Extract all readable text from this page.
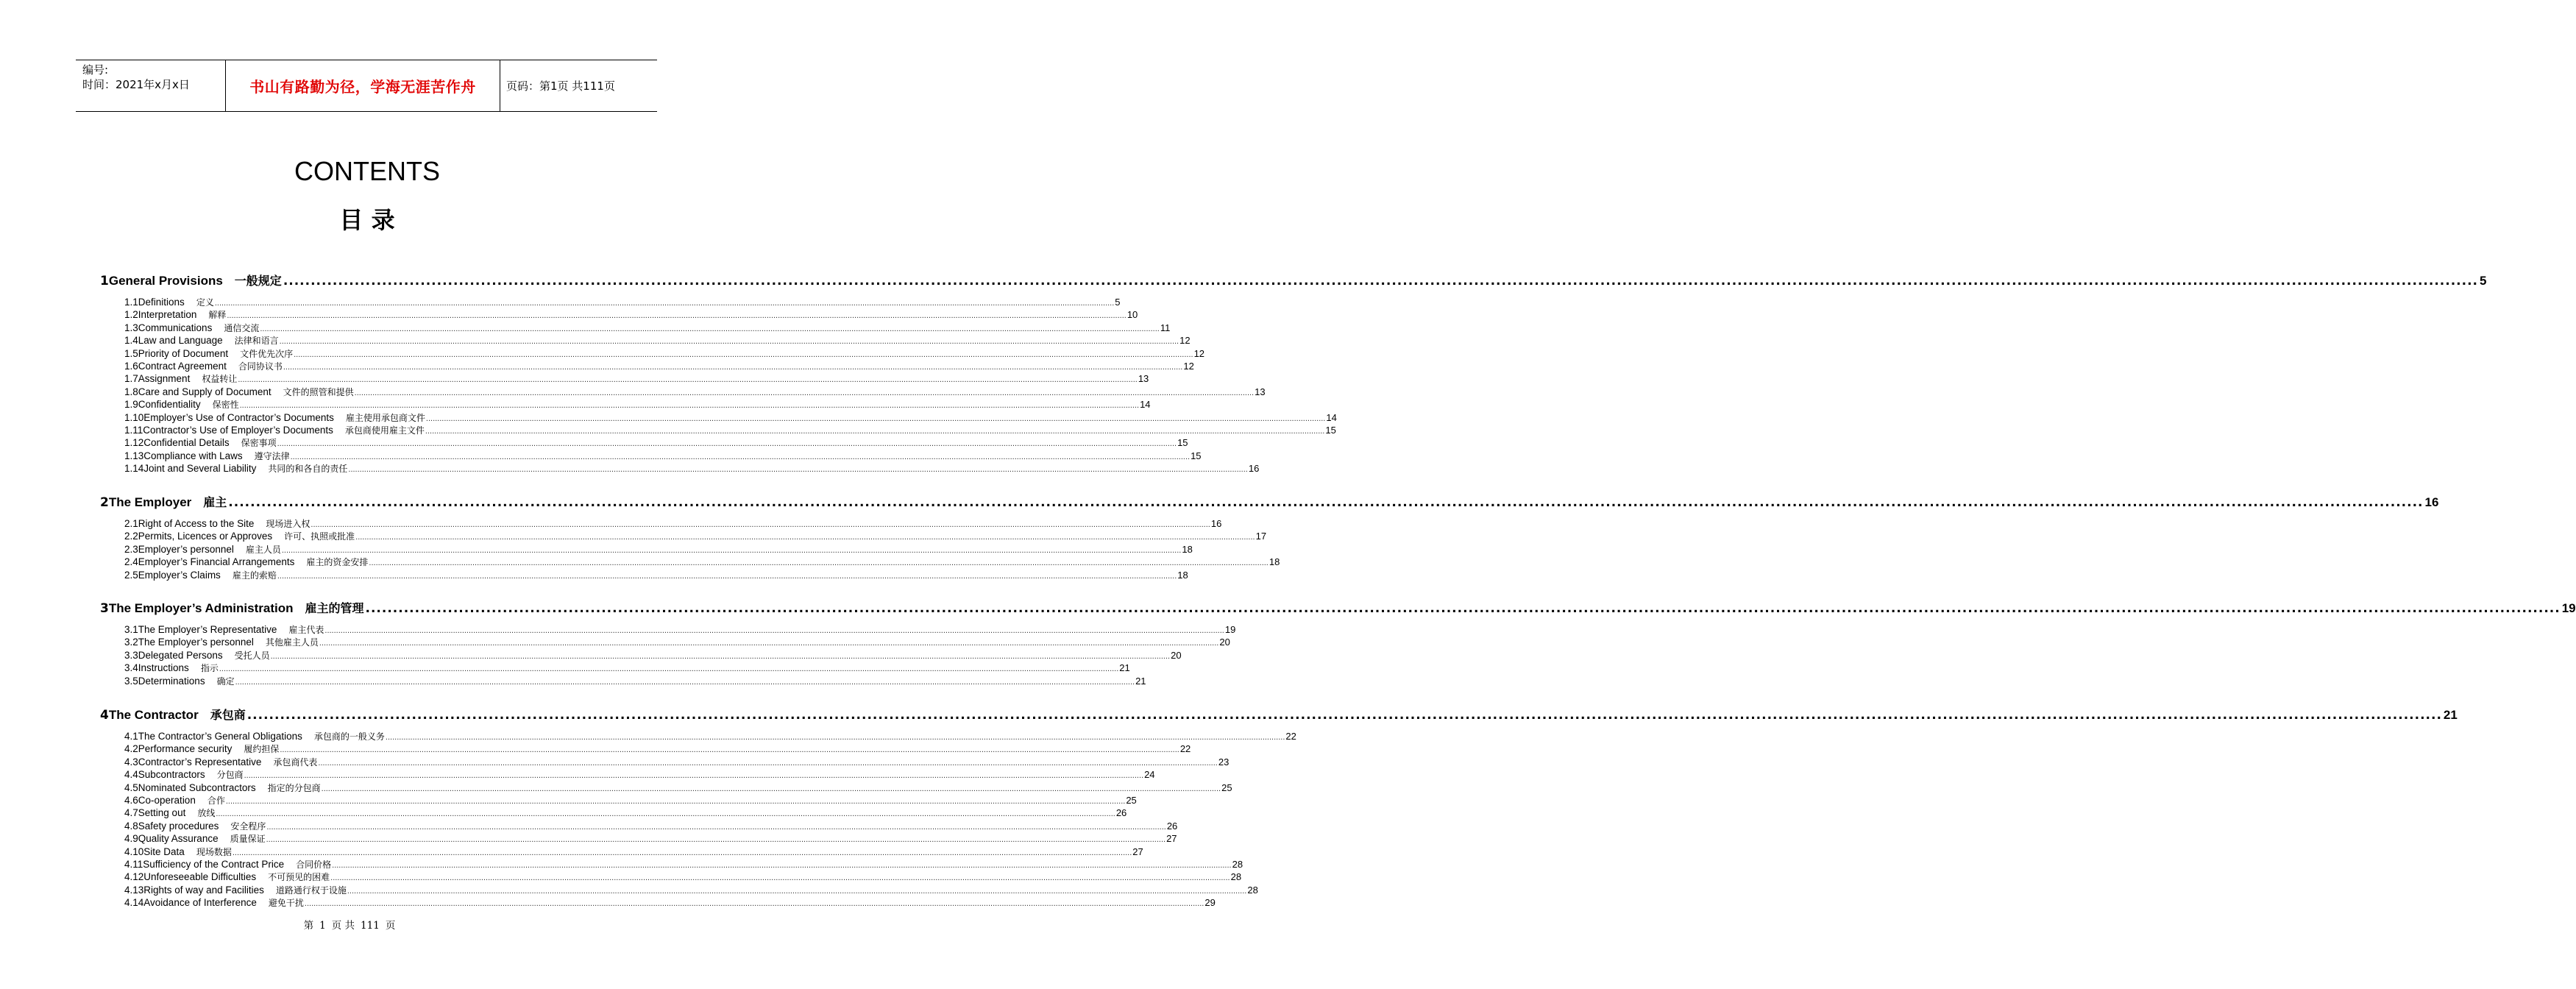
编号:
时间：2021年x月x日	书山有路勤为径，学海无涯苦作舟	页码：第1页 共111页
CONTENTS
目 录
1 General Provisions 一般规定 ................................................................................................................................................................................................................................................................................................................................................................................................................ 5
1.1 Definitions 定义 ................................................................................................................................................................................................................................................................................................................................................................................................................ 5
1.2 Interpretation 解释 ................................................................................................................................................................................................................................................................................................................................................................................................................ 10
1.3 Communications 通信交流 ................................................................................................................................................................................................................................................................................................................................................................................................................ 11
1.4 Law and Language 法律和语言 ................................................................................................................................................................................................................................................................................................................................................................................................................ 12
1.5 Priority of Document 文件优先次序 ................................................................................................................................................................................................................................................................................................................................................................................................................ 12
1.6 Contract Agreement 合同协议书 ................................................................................................................................................................................................................................................................................................................................................................................................................ 12
1.7 Assignment 权益转让 ................................................................................................................................................................................................................................................................................................................................................................................................................ 13
1.8 Care and Supply of Document 文件的照管和提供 ................................................................................................................................................................................................................................................................................................................................................................................................................ 13
1.9 Confidentiality 保密性 ................................................................................................................................................................................................................................................................................................................................................................................................................ 14
1.10 Employer’s Use of Contractor’s Documents 雇主使用承包商文件 ................................................................................................................................................................................................................................................................................................................................................................................................................ 14
1.11 Contractor’s Use of Employer’s Documents 承包商使用雇主文件 ................................................................................................................................................................................................................................................................................................................................................................................................................ 15
1.12 Confidential Details 保密事项 ................................................................................................................................................................................................................................................................................................................................................................................................................ 15
1.13 Compliance with Laws 遵守法律 ................................................................................................................................................................................................................................................................................................................................................................................................................ 15
1.14 Joint and Several Liability 共同的和各自的责任 ................................................................................................................................................................................................................................................................................................................................................................................................................ 16
2 The Employer 雇主 ................................................................................................................................................................................................................................................................................................................................................................................................................ 16
2.1 Right of Access to the Site 现场进入权 ................................................................................................................................................................................................................................................................................................................................................................................................................ 16
2.2 Permits, Licences or Approves 许可、执照或批准 ................................................................................................................................................................................................................................................................................................................................................................................................................ 17
2.3 Employer’s personnel 雇主人员 ................................................................................................................................................................................................................................................................................................................................................................................................................ 18
2.4 Employer’s Financial Arrangements 雇主的资金安排 ................................................................................................................................................................................................................................................................................................................................................................................................................ 18
2.5 Employer’s Claims 雇主的索赔 ................................................................................................................................................................................................................................................................................................................................................................................................................ 18
3 The Employer’s Administration 雇主的管理 ................................................................................................................................................................................................................................................................................................................................................................................................................ 19
3.1 The Employer’s Representative 雇主代表 ................................................................................................................................................................................................................................................................................................................................................................................................................ 19
3.2 The Employer’s personnel 其他雇主人员 ................................................................................................................................................................................................................................................................................................................................................................................................................ 20
3.3 Delegated Persons 受托人员 ................................................................................................................................................................................................................................................................................................................................................................................................................ 20
3.4 Instructions 指示 ................................................................................................................................................................................................................................................................................................................................................................................................................ 21
3.5 Determinations 确定 ................................................................................................................................................................................................................................................................................................................................................................................................................ 21
4 The Contractor 承包商 ................................................................................................................................................................................................................................................................................................................................................................................................................ 21
4.1 The Contractor’s General Obligations 承包商的一般义务 ................................................................................................................................................................................................................................................................................................................................................................................................................ 22
4.2 Performance security 履约担保 ................................................................................................................................................................................................................................................................................................................................................................................................................ 22
4.3 Contractor’s Representative 承包商代表 ................................................................................................................................................................................................................................................................................................................................................................................................................ 23
4.4 Subcontractors 分包商 ................................................................................................................................................................................................................................................................................................................................................................................................................ 24
4.5 Nominated Subcontractors 指定的分包商 ................................................................................................................................................................................................................................................................................................................................................................................................................ 25
4.6 Co-operation 合作 ................................................................................................................................................................................................................................................................................................................................................................................................................ 25
4.7 Setting out 放线 ................................................................................................................................................................................................................................................................................................................................................................................................................ 26
4.8 Safety procedures 安全程序 ................................................................................................................................................................................................................................................................................................................................................................................................................ 26
4.9 Quality Assurance 质量保证 ................................................................................................................................................................................................................................................................................................................................................................................................................ 27
4.10 Site Data 现场数据 ................................................................................................................................................................................................................................................................................................................................................................................................................ 27
4.11 Sufficiency of the Contract Price 合同价格 ................................................................................................................................................................................................................................................................................................................................................................................................................ 28
4.12 Unforeseeable Difficulties 不可预见的困难 ................................................................................................................................................................................................................................................................................................................................................................................................................ 28
4.13 Rights of way and Facilities 道路通行权于设施 ................................................................................................................................................................................................................................................................................................................................................................................................................ 28
4.14 Avoidance of Interference 避免干扰 ................................................................................................................................................................................................................................................................................................................................................................................................................ 29
第 1 页 共 111 页
